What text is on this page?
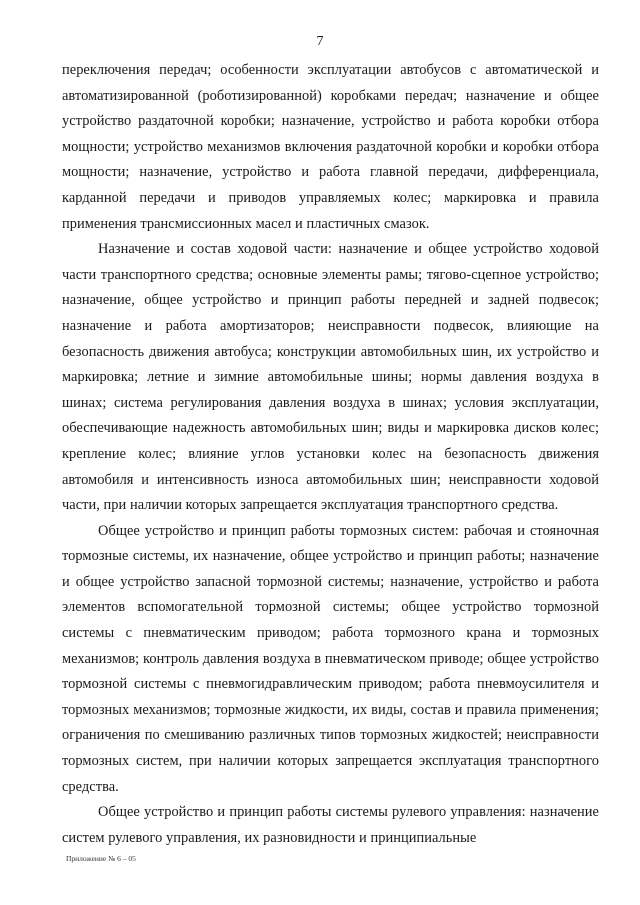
7

переключения передач; особенности эксплуатации автобусов с автоматической и автоматизированной (роботизированной) коробками передач; назначение и общее устройство раздаточной коробки; назначение, устройство и работа коробки отбора мощности; устройство механизмов включения раздаточной коробки и коробки отбора мощности; назначение, устройство и работа главной передачи, дифференциала, карданной передачи и приводов управляемых колес; маркировка и правила применения трансмиссионных масел и пластичных смазок.

Назначение и состав ходовой части: назначение и общее устройство ходовой части транспортного средства; основные элементы рамы; тягово-сцепное устройство; назначение, общее устройство и принцип работы передней и задней подвесок; назначение и работа амортизаторов; неисправности подвесок, влияющие на безопасность движения автобуса; конструкции автомобильных шин, их устройство и маркировка; летние и зимние автомобильные шины; нормы давления воздуха в шинах; система регулирования давления воздуха в шинах; условия эксплуатации, обеспечивающие надежность автомобильных шин; виды и маркировка дисков колес; крепление колес; влияние углов установки колес на безопасность движения автомобиля и интенсивность износа автомобильных шин; неисправности ходовой части, при наличии которых запрещается эксплуатация транспортного средства.

Общее устройство и принцип работы тормозных систем: рабочая и стояночная тормозные системы, их назначение, общее устройство и принцип работы; назначение и общее устройство запасной тормозной системы; назначение, устройство и работа элементов вспомогательной тормозной системы; общее устройство тормозной системы с пневматическим приводом; работа тормозного крана и тормозных механизмов; контроль давления воздуха в пневматическом приводе; общее устройство тормозной системы с пневмогидравлическим приводом; работа пневмоусилителя и тормозных механизмов; тормозные жидкости, их виды, состав и правила применения; ограничения по смешиванию различных типов тормозных жидкостей; неисправности тормозных систем, при наличии которых запрещается эксплуатация транспортного средства.

Общее устройство и принцип работы системы рулевого управления: назначение систем рулевого управления, их разновидности и принципиальные

Приложение № 6 – 05
